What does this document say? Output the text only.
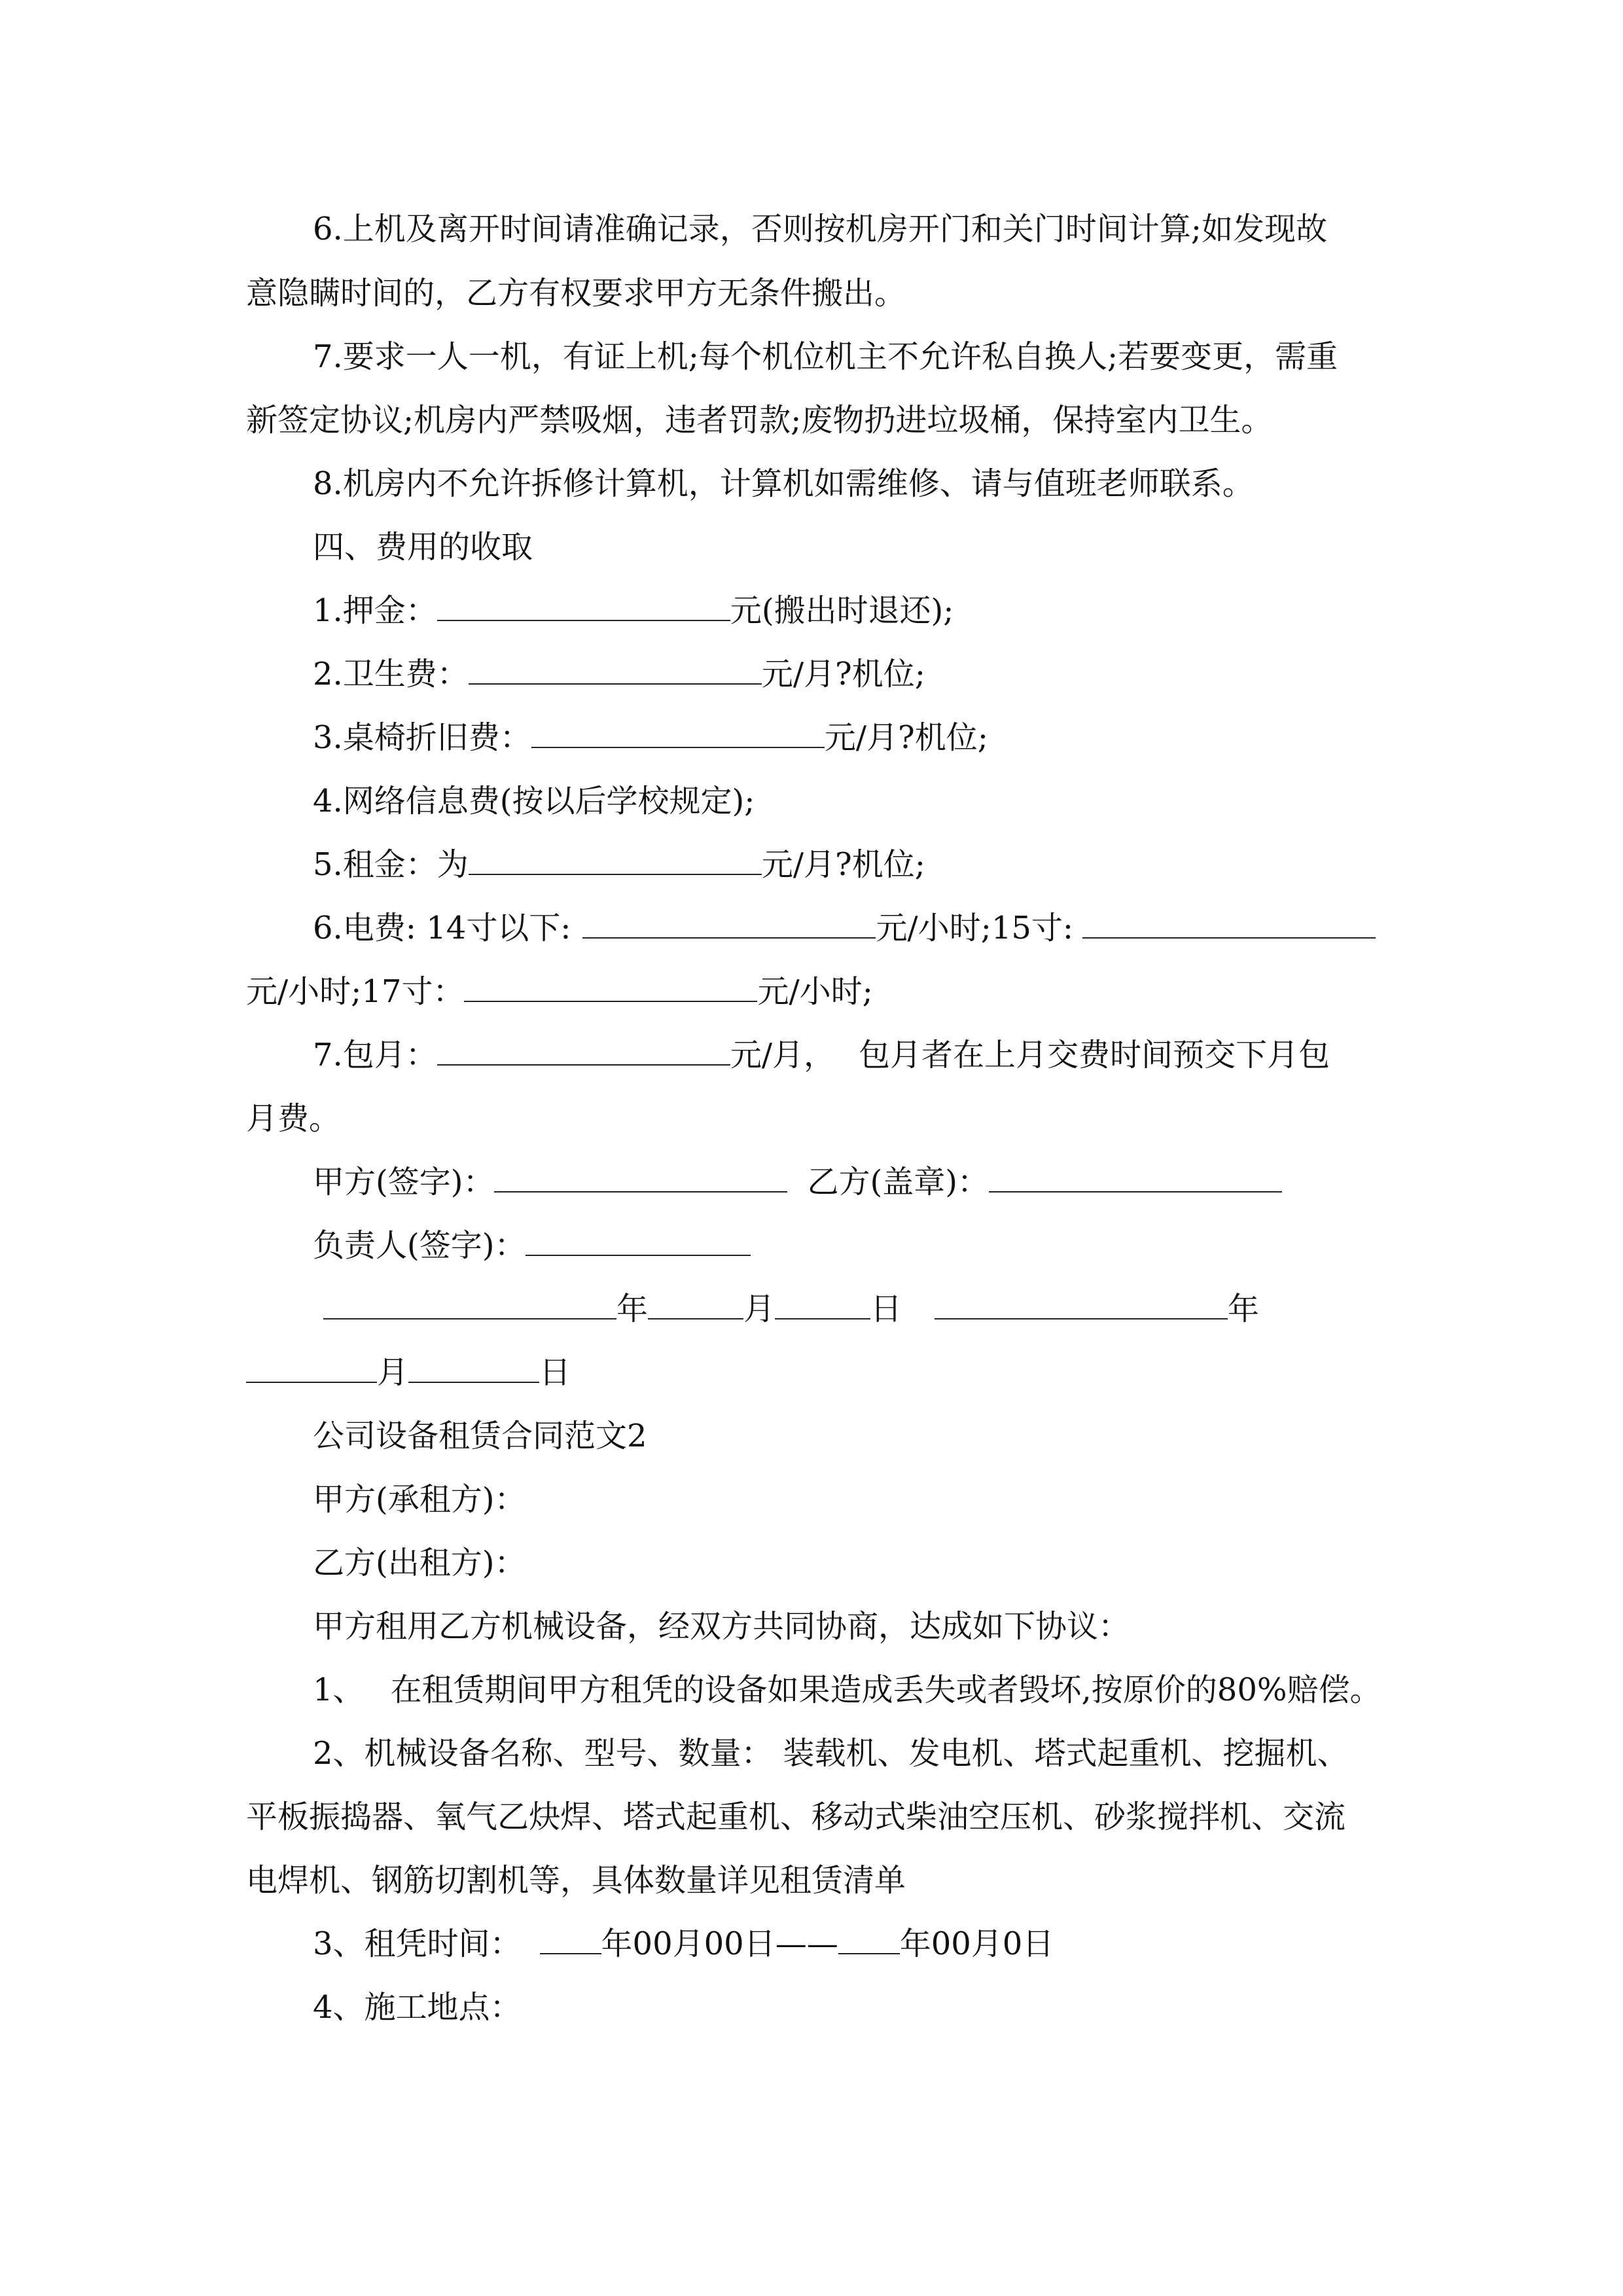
6.上机及离开时间请准确记录，否则按机房开门和关门时间计算;如发现故
意隐瞒时间的，乙方有权要求甲方无条件搬出。
7.要求一人一机，有证上机;每个机位机主不允许私自换人;若要变更，需重
新签定协议;机房内严禁吸烟，违者罚款;废物扔进垃圾桶，保持室内卫生。
8.机房内不允许拆修计算机，计算机如需维修、请与值班老师联系。
四、费用的收取
1.押金：	元(搬出时退还);
2.卫生费：	元/月?机位;
3.桌椅折旧费：	元/月?机位;
4.网络信息费(按以后学校规定);
5.租金：为	元/月?机位;
6.电费: 14寸以下:	元/小时;15寸:
元/小时;17寸：	元/小时;
7.包月：	元/月， 包月者在上月交费时间预交下月包
月费。
甲方(签字)：	乙方(盖章)：
负责人(签字)：
年	月	日	年
月	日
公司设备租赁合同范文2
甲方(承租方)：
乙方(出租方)：
甲方租用乙方机械设备，经双方共同协商，达成如下协议：
1、 在租赁期间甲方租凭的设备如果造成丢失或者毁坏,按原价的80%赔偿。
2、机械设备名称、型号、数量： 装载机、发电机、塔式起重机、挖掘机、
平板振捣器、氧气乙炔焊、塔式起重机、移动式柴油空压机、砂浆搅拌机、交流
电焊机、钢筋切割机等，具体数量详见租赁清单
3、租凭时间：	年00月00日—— 年00月0日
4、施工地点：
